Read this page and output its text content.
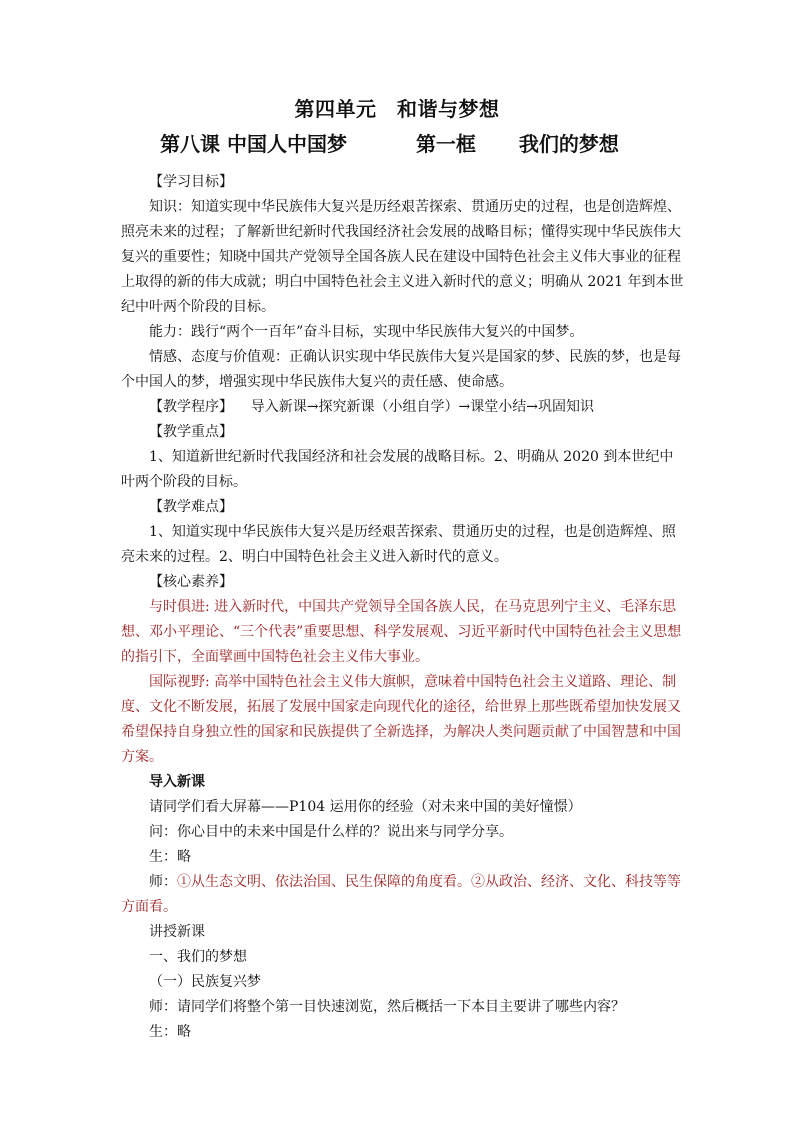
第四单元　和谐与梦想
第八课 中国人中国梦	第一框 我们的梦想

【学习目标】

知识：知道实现中华民族伟大复兴是历经艰苦探索、贯通历史的过程，也是创造辉煌、照亮未来的过程；了解新世纪新时代我国经济社会发展的战略目标；懂得实现中华民族伟大复兴的重要性；知晓中国共产党领导全国各族人民在建设中国特色社会主义伟大事业的征程上取得的新的伟大成就；明白中国特色社会主义进入新时代的意义；明确从 2021 年到本世纪中叶两个阶段的目标。

能力：践行“两个一百年”奋斗目标，实现中华民族伟大复兴的中国梦。

情感、态度与价值观：正确认识实现中华民族伟大复兴是国家的梦、民族的梦，也是每个中国人的梦，增强实现中华民族伟大复兴的责任感、使命感。

【教学程序】    导入新课→探究新课（小组自学）→课堂小结→巩固知识

【教学重点】

1、知道新世纪新时代我国经济和社会发展的战略目标。2、明确从 2020 到本世纪中叶两个阶段的目标。

【教学难点】

1、知道实现中华民族伟大复兴是历经艰苦探索、贯通历史的过程，也是创造辉煌、照亮未来的过程。2、明白中国特色社会主义进入新时代的意义。

【核心素养】

与时俱进: 进入新时代，中国共产党领导全国各族人民，在马克思列宁主义、毛泽东思想、邓小平理论、“三个代表”重要思想、科学发展观、习近平新时代中国特色社会主义思想的指引下，全面擘画中国特色社会主义伟大事业。

国际视野: 高举中国特色社会主义伟大旗帜，意味着中国特色社会主义道路、理论、制度、文化不断发展，拓展了发展中国家走向现代化的途径，给世界上那些既希望加快发展又希望保持自身独立性的国家和民族提供了全新选择，为解决人类问题贡献了中国智慧和中国方案。

导入新课

请同学们看大屏幕——P104 运用你的经验（对未来中国的美好憧憬）

问：你心目中的未来中国是什么样的？说出来与同学分享。

生：略

师：①从生态文明、依法治国、民生保障的角度看。②从政治、经济、文化、科技等等方面看。

讲授新课

一、我们的梦想

（一）民族复兴梦

师：请同学们将整个第一目快速浏览，然后概括一下本目主要讲了哪些内容？

生：略
